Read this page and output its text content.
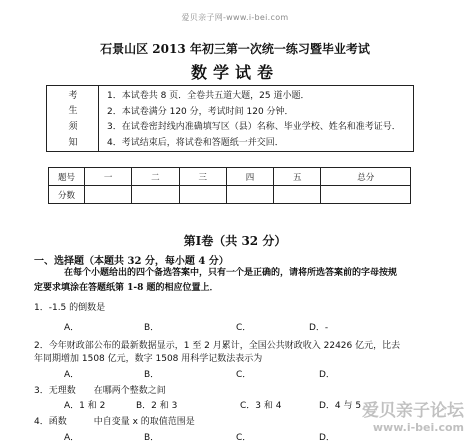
爱贝亲子网-www.i-bei.com
石景山区 2013 年初三第一次统一练习暨毕业考试
数学试卷
考
生
须
知
1．本试卷共 8 页．全卷共五道大题，25 道小题．
2．本试卷满分 120 分，考试时间 120 分钟．
3．在试卷密封线内准确填写区（县）名称、毕业学校、姓名和准考证号．
4．考试结束后，将试卷和答题纸一并交回．
题号	一	二	三	四	五	总分
分数						
第Ⅰ卷（共 32 分）
一、选择题（本题共 32 分，每小题 4 分）
在每个小题给出的四个备选答案中，只有一个是正确的，请将所选答案前的字母按规
定要求填涂在答题纸第 1-8 题的相应位置上．
1．-1.5 的倒数是
A．	B．	C．	D．-
2．今年财政部公布的最新数据显示，1 至 2 月累计，全国公共财政收入 22426 亿元，比去
年同期增加 1508 亿元，数字 1508 用科学记数法表示为
A．	B．	C．	D．
3．无理数　　在哪两个整数之间
A．1 和 2	B．2 和 3	C．3 和 4	D．4 与 5
4．函数　　　中自变量 x 的取值范围是
A．	B．	C．	D．
爱贝亲子论坛
www.i-bei.com
